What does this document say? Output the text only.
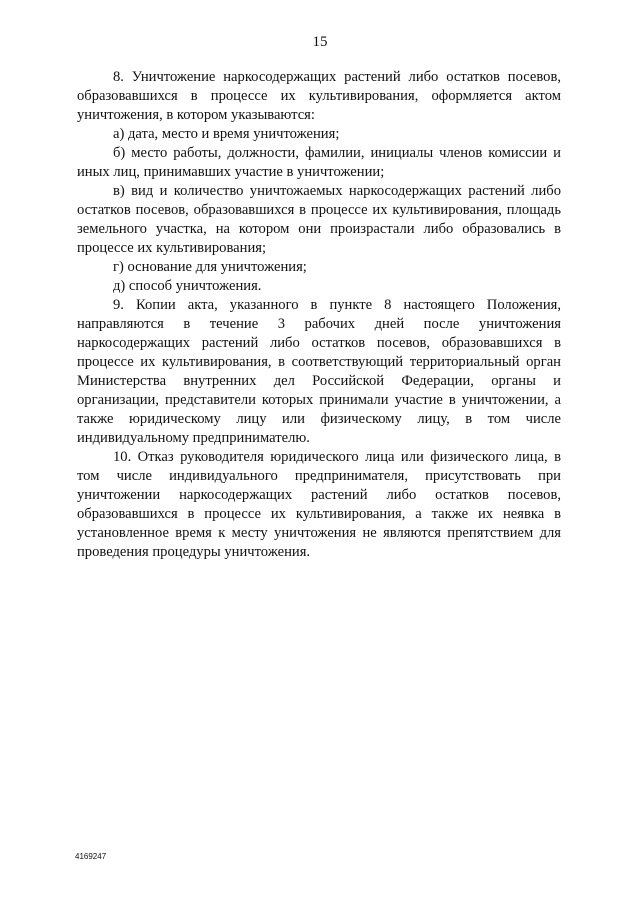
15

8. Уничтожение наркосодержащих растений либо остатков посевов, образовавшихся в процессе их культивирования, оформляется актом уничтожения, в котором указываются:

а) дата, место и время уничтожения;

б) место работы, должности, фамилии, инициалы членов комиссии и иных лиц, принимавших участие в уничтожении;

в) вид и количество уничтожаемых наркосодержащих растений либо остатков посевов, образовавшихся в процессе их культивирования, площадь земельного участка, на котором они произрастали либо образовались в процессе их культивирования;

г) основание для уничтожения;

д) способ уничтожения.

9. Копии акта, указанного в пункте 8 настоящего Положения, направляются в течение 3 рабочих дней после уничтожения наркосодержащих растений либо остатков посевов, образовавшихся в процессе их культивирования, в соответствующий территориальный орган Министерства внутренних дел Российской Федерации, органы и организации, представители которых принимали участие в уничтожении, а также юридическому лицу или физическому лицу, в том числе индивидуальному предпринимателю.

10. Отказ руководителя юридического лица или физического лица, в том числе индивидуального предпринимателя, присутствовать при уничтожении наркосодержащих растений либо остатков посевов, образовавшихся в процессе их культивирования, а также их неявка в установленное время к месту уничтожения не являются препятствием для проведения процедуры уничтожения.

4169247
